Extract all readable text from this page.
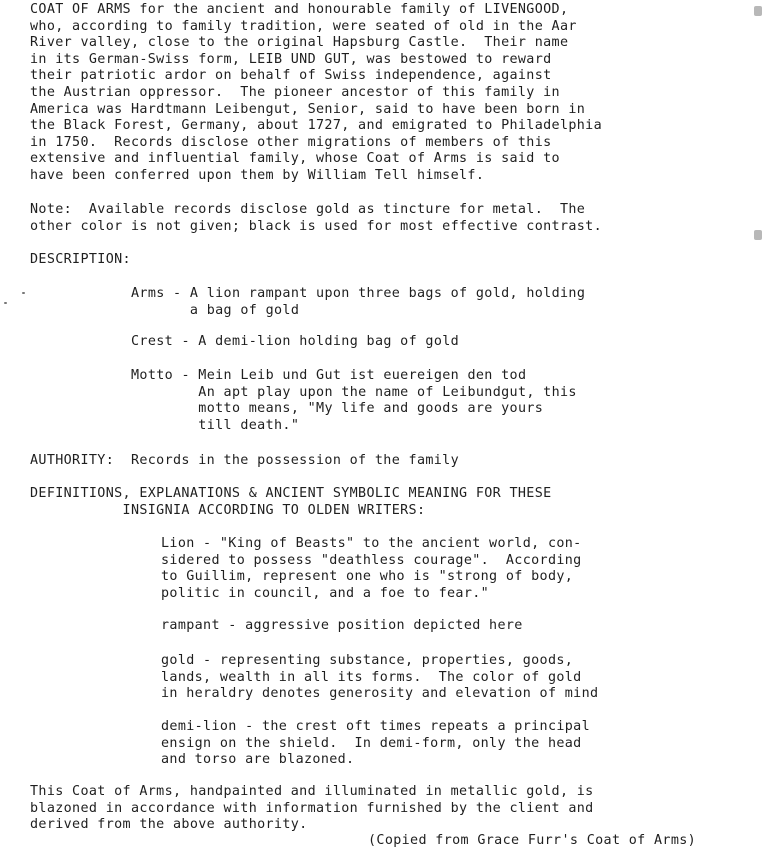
COAT OF ARMS for the ancient and honourable family of LIVENGOOD,
who, according to family tradition, were seated of old in the Aar
River valley, close to the original Hapsburg Castle.  Their name
in its German-Swiss form, LEIB UND GUT, was bestowed to reward
their patriotic ardor on behalf of Swiss independence, against
the Austrian oppressor.  The pioneer ancestor of this family in
America was Hardtmann Leibengut, Senior, said to have been born in
the Black Forest, Germany, about 1727, and emigrated to Philadelphia
in 1750.  Records disclose other migrations of members of this
extensive and influential family, whose Coat of Arms is said to
have been conferred upon them by William Tell himself.
Note:  Available records disclose gold as tincture for metal.  The
other color is not given; black is used for most effective contrast.
DESCRIPTION:
Arms - A lion rampant upon three bags of gold, holding
a bag of gold
Crest - A demi-lion holding bag of gold
Motto - Mein Leib und Gut ist euereigen den tod
An apt play upon the name of Leibundgut, this
motto means, "My life and goods are yours
till death."
AUTHORITY:  Records in the possession of the family
DEFINITIONS, EXPLANATIONS & ANCIENT SYMBOLIC MEANING FOR THESE
INSIGNIA ACCORDING TO OLDEN WRITERS:
Lion - "King of Beasts" to the ancient world, con-
sidered to possess "deathless courage".  According
to Guillim, represent one who is "strong of body,
politic in council, and a foe to fear."
rampant - aggressive position depicted here
gold - representing substance, properties, goods,
lands, wealth in all its forms.  The color of gold
in heraldry denotes generosity and elevation of mind
demi-lion - the crest oft times repeats a principal
ensign on the shield.  In demi-form, only the head
and torso are blazoned.
This Coat of Arms, handpainted and illuminated in metallic gold, is
blazoned in accordance with information furnished by the client and
derived from the above authority.
(Copied from Grace Furr's Coat of Arms)
